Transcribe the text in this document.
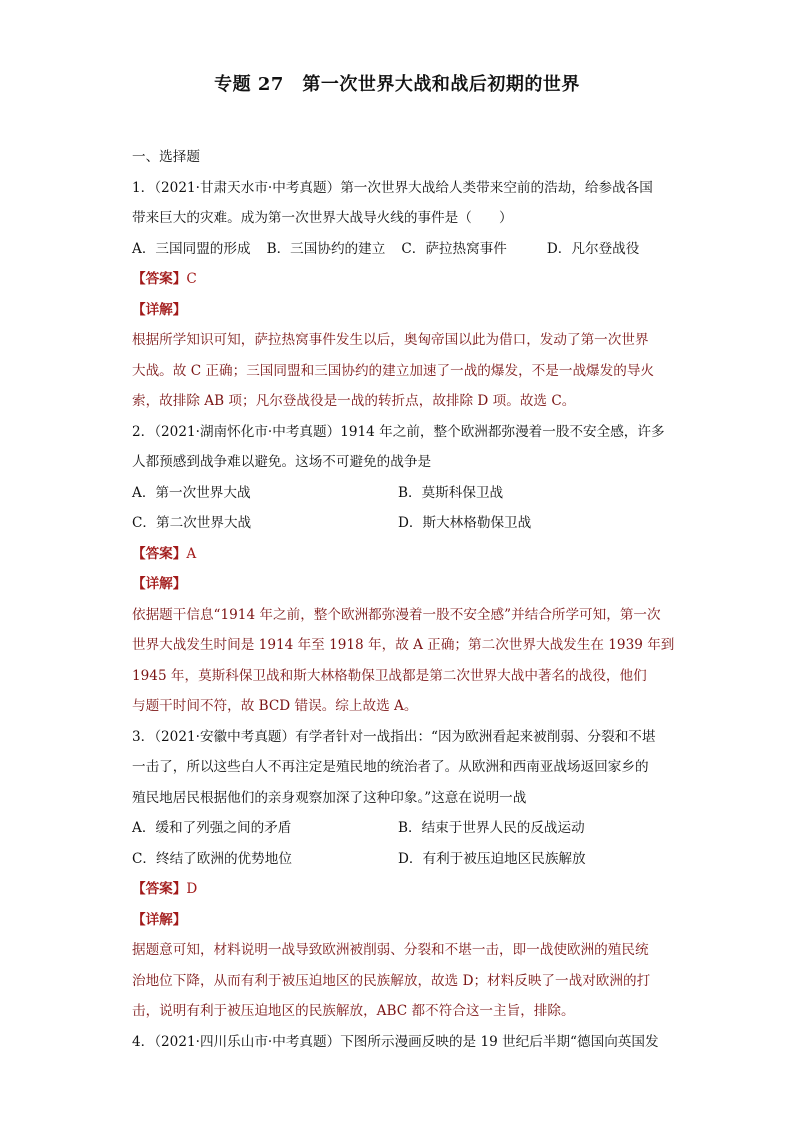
专题 27　第一次世界大战和战后初期的世界
一、选择题
1．（2021·甘肃天水市·中考真题）第一次世界大战给人类带来空前的浩劫，给参战各国
带来巨大的灾难。成为第一次世界大战导火线的事件是（　　）
A．三国同盟的形成 B．三国协约的建立 C．萨拉热窝事件	D．凡尔登战役
【答案】C
【详解】
根据所学知识可知，萨拉热窝事件发生以后，奥匈帝国以此为借口，发动了第一次世界
大战。故 C 正确；三国同盟和三国协约的建立加速了一战的爆发，不是一战爆发的导火
索，故排除 AB 项；凡尔登战役是一战的转折点，故排除 D 项。故选 C。
2．（2021·湖南怀化市·中考真题）1914 年之前，整个欧洲都弥漫着一股不安全感，许多
人都预感到战争难以避免。这场不可避免的战争是
A．第一次世界大战	B．莫斯科保卫战
C．第二次世界大战	D．斯大林格勒保卫战
【答案】A
【详解】
依据题干信息“1914 年之前，整个欧洲都弥漫着一股不安全感”并结合所学可知，第一次
世界大战发生时间是 1914 年至 1918 年，故 A 正确；第二次世界大战发生在 1939 年到
1945 年，莫斯科保卫战和斯大林格勒保卫战都是第二次世界大战中著名的战役，他们
与题干时间不符，故 BCD 错误。综上故选 A。
3．（2021·安徽中考真题）有学者针对一战指出：“因为欧洲看起来被削弱、分裂和不堪
一击了，所以这些白人不再注定是殖民地的统治者了。从欧洲和西南亚战场返回家乡的
殖民地居民根据他们的亲身观察加深了这种印象。”这意在说明一战
A．缓和了列强之间的矛盾	B．结束于世界人民的反战运动
C．终结了欧洲的优势地位	D．有利于被压迫地区民族解放
【答案】D
【详解】
据题意可知，材料说明一战导致欧洲被削弱、分裂和不堪一击，即一战使欧洲的殖民统
治地位下降，从而有利于被压迫地区的民族解放，故选 D；材料反映了一战对欧洲的打
击，说明有利于被压迫地区的民族解放，ABC 都不符合这一主旨，排除。
4．（2021·四川乐山市·中考真题）下图所示漫画反映的是 19 世纪后半期“德国向英国发
